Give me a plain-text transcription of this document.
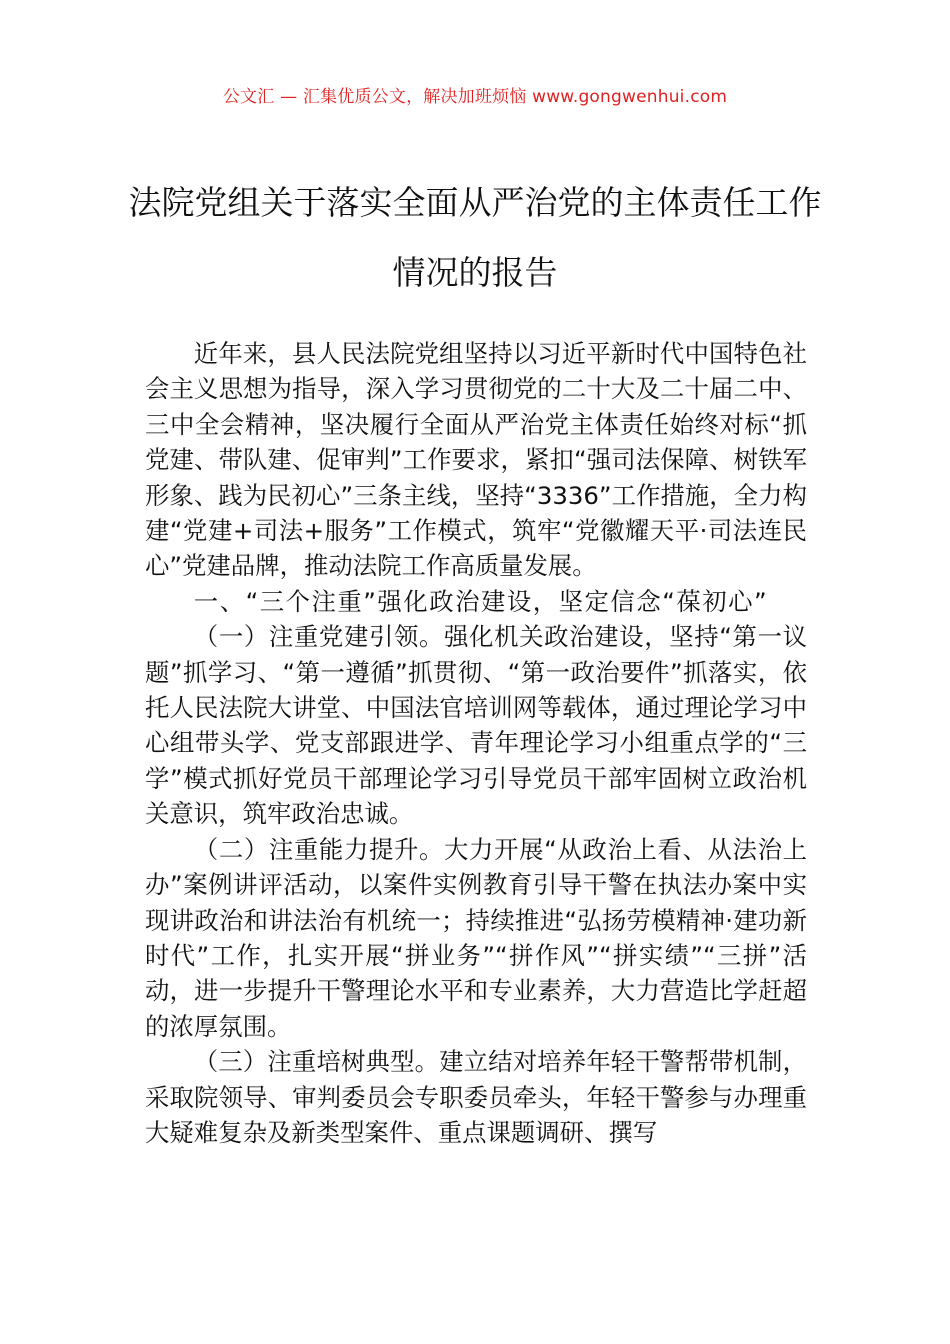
公文汇 — 汇集优质公文，解决加班烦恼 www.gongwenhui.com
法院党组关于落实全面从严治党的主体责任工作情况的报告

近年来，县人民法院党组坚持以习近平新时代中国特色社会主义思想为指导，深入学习贯彻党的二十大及二十届二中、三中全会精神，坚决履行全面从严治党主体责任始终对标“抓党建、带队建、促审判”工作要求，紧扣“强司法保障、树铁军形象、践为民初心”三条主线，坚持“3336”工作措施，全力构建“党建+司法+服务”工作模式，筑牢“党徽耀天平·司法连民心”党建品牌，推动法院工作高质量发展。

一、“三个注重”强化政治建设，坚定信念“葆初心”

（一）注重党建引领。强化机关政治建设，坚持“第一议题”抓学习、“第一遵循”抓贯彻、“第一政治要件”抓落实，依托人民法院大讲堂、中国法官培训网等载体，通过理论学习中心组带头学、党支部跟进学、青年理论学习小组重点学的“三学”模式抓好党员干部理论学习引导党员干部牢固树立政治机关意识，筑牢政治忠诚。

（二）注重能力提升。大力开展“从政治上看、从法治上办”案例讲评活动，以案件实例教育引导干警在执法办案中实现讲政治和讲法治有机统一；持续推进“弘扬劳模精神·建功新时代”工作，扎实开展“拼业务”“拼作风”“拼实绩”“三拼”活动，进一步提升干警理论水平和专业素养，大力营造比学赶超的浓厚氛围。

（三）注重培树典型。建立结对培养年轻干警帮带机制，采取院领导、审判委员会专职委员牵头，年轻干警参与办理重大疑难复杂及新类型案件、重点课题调研、撰写
